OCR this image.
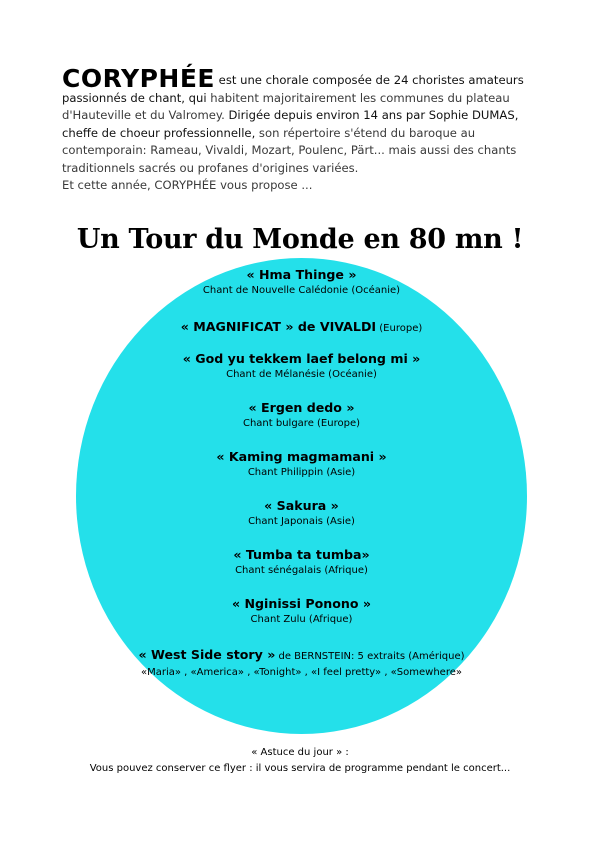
CORYPHÉE est une chorale composée de 24 choristes amateurs passionnés de chant, qui habitent majoritairement les communes du plateau d'Hauteville et du Valromey. Dirigée depuis environ 14 ans par Sophie DUMAS, cheffe de choeur professionnelle, son répertoire s'étend du baroque au contemporain: Rameau, Vivaldi, Mozart, Poulenc, Pärt... mais aussi des chants traditionnels sacrés ou profanes d'origines variées.
Et cette année, CORYPHÉE vous propose ...
Un Tour du Monde en 80 mn !
« Hma Thinge »
Chant de Nouvelle Calédonie (Océanie)
« MAGNIFICAT » de VIVALDI (Europe)
« God yu tekkem laef belong mi »
Chant de Mélanésie (Océanie)
« Ergen dedo »
Chant bulgare (Europe)
« Kaming magmamani »
Chant Philippin (Asie)
« Sakura »
Chant Japonais (Asie)
« Tumba ta tumba»
Chant sénégalais (Afrique)
« Nginissi Ponono »
Chant Zulu (Afrique)
« West Side story » de BERNSTEIN: 5 extraits (Amérique)
«Maria» , «America» , «Tonight» , «I feel pretty» , «Somewhere»
« Astuce du jour » :
Vous pouvez conserver ce flyer : il vous servira de programme pendant le concert...
